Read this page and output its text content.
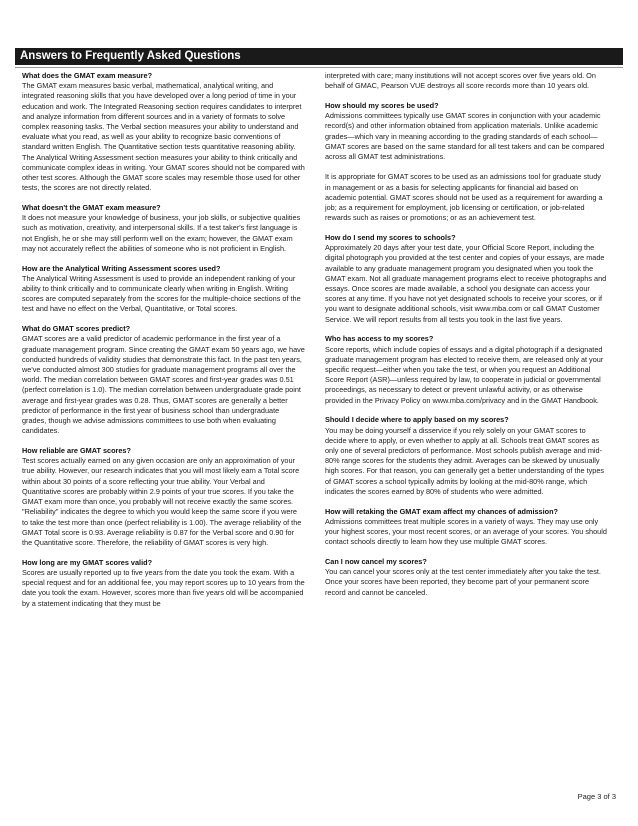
Answers to Frequently Asked Questions
What does the GMAT exam measure?
The GMAT exam measures basic verbal, mathematical, analytical writing, and integrated reasoning skills that you have developed over a long period of time in your education and work. The Integrated Reasoning section requires candidates to interpret and analyze information from different sources and in a variety of formats to solve complex reasoning tasks. The Verbal section measures your ability to understand and evaluate what you read, as well as your ability to recognize basic conventions of standard written English. The Quantitative section tests quantitative reasoning ability. The Analytical Writing Assessment section measures your ability to think critically and communicate complex ideas in writing. Your GMAT scores should not be compared with other test scores. Although the GMAT score scales may resemble those used for other tests, the scores are not directly related.
What doesn't the GMAT exam measure?
It does not measure your knowledge of business, your job skills, or subjective qualities such as motivation, creativity, and interpersonal skills. If a test taker's first language is not English, he or she may still perform well on the exam; however, the GMAT exam may not accurately reflect the abilities of someone who is not proficient in English.
How are the Analytical Writing Assessment scores used?
The Analytical Writing Assessment is used to provide an independent ranking of your ability to think critically and to communicate clearly when writing in English. Writing scores are computed separately from the scores for the multiple-choice sections of the test and have no effect on the Verbal, Quantitative, or Total scores.
What do GMAT scores predict?
GMAT scores are a valid predictor of academic performance in the first year of a graduate management program. Since creating the GMAT exam 50 years ago, we have conducted hundreds of validity studies that demonstrate this fact. In the past ten years, we've conducted almost 300 studies for graduate management programs all over the world. The median correlation between GMAT scores and first-year grades was 0.51 (perfect correlation is 1.0). The median correlation between undergraduate grade point average and first-year grades was 0.28. Thus, GMAT scores are generally a better predictor of performance in the first year of business school than undergraduate grades, though we advise admissions committees to use both when evaluating candidates.
How reliable are GMAT scores?
Test scores actually earned on any given occasion are only an approximation of your true ability. However, our research indicates that you will most likely earn a Total score within about 30 points of a score reflecting your true ability. Your Verbal and Quantitative scores are probably within 2.9 points of your true scores. If you take the GMAT exam more than once, you probably will not receive exactly the same scores. "Reliability" indicates the degree to which you would keep the same score if you were to take the test more than once (perfect reliability is 1.00). The average reliability of the GMAT Total score is 0.93. Average reliability is 0.87 for the Verbal score and 0.90 for the Quantitative score. Therefore, the reliability of GMAT scores is very high.
How long are my GMAT scores valid?
Scores are usually reported up to five years from the date you took the exam. With a special request and for an additional fee, you may report scores up to 10 years from the date you took the exam. However, scores more than five years old will be accompanied by a statement indicating that they must be
interpreted with care; many institutions will not accept scores over five years old. On behalf of GMAC, Pearson VUE destroys all score records more than 10 years old.
How should my scores be used?
Admissions committees typically use GMAT scores in conjunction with your academic record(s) and other information obtained from application materials. Unlike academic grades—which vary in meaning according to the grading standards of each school—GMAT scores are based on the same standard for all test takers and can be compared across all GMAT test administrations.
It is appropriate for GMAT scores to be used as an admissions tool for graduate study in management or as a basis for selecting applicants for financial aid based on academic potential. GMAT scores should not be used as a requirement for awarding a job; as a requirement for employment, job licensing or certification, or job-related rewards such as raises or promotions; or as an achievement test.
How do I send my scores to schools?
Approximately 20 days after your test date, your Official Score Report, including the digital photograph you provided at the test center and copies of your essays, are made available to any graduate management program you designated when you took the GMAT exam. Not all graduate management programs elect to receive photographs and essays. Once scores are made available, a school you designate can access your scores at any time. If you have not yet designated schools to receive your scores, or if you want to designate additional schools, visit www.mba.com or call GMAT Customer Service. We will report results from all tests you took in the last five years.
Who has access to my scores?
Score reports, which include copies of essays and a digital photograph if a designated graduate management program has elected to receive them, are released only at your specific request—either when you take the test, or when you request an Additional Score Report (ASR)—unless required by law, to cooperate in judicial or governmental proceedings, as necessary to detect or prevent unlawful activity, or as otherwise provided in the Privacy Policy on www.mba.com/privacy and in the GMAT Handbook.
Should I decide where to apply based on my scores?
You may be doing yourself a disservice if you rely solely on your GMAT scores to decide where to apply, or even whether to apply at all. Schools treat GMAT scores as only one of several predictors of performance. Most schools publish average and mid-80% range scores for the students they admit. Averages can be skewed by unusually high scores. For that reason, you can generally get a better understanding of the types of GMAT scores a school typically admits by looking at the mid-80% range, which indicates the scores earned by 80% of students who were admitted.
How will retaking the GMAT exam affect my chances of admission?
Admissions committees treat multiple scores in a variety of ways. They may use only your highest scores, your most recent scores, or an average of your scores. You should contact schools directly to learn how they use multiple GMAT scores.
Can I now cancel my scores?
You can cancel your scores only at the test center immediately after you take the test. Once your scores have been reported, they become part of your permanent score record and cannot be canceled.
Page 3 of 3
